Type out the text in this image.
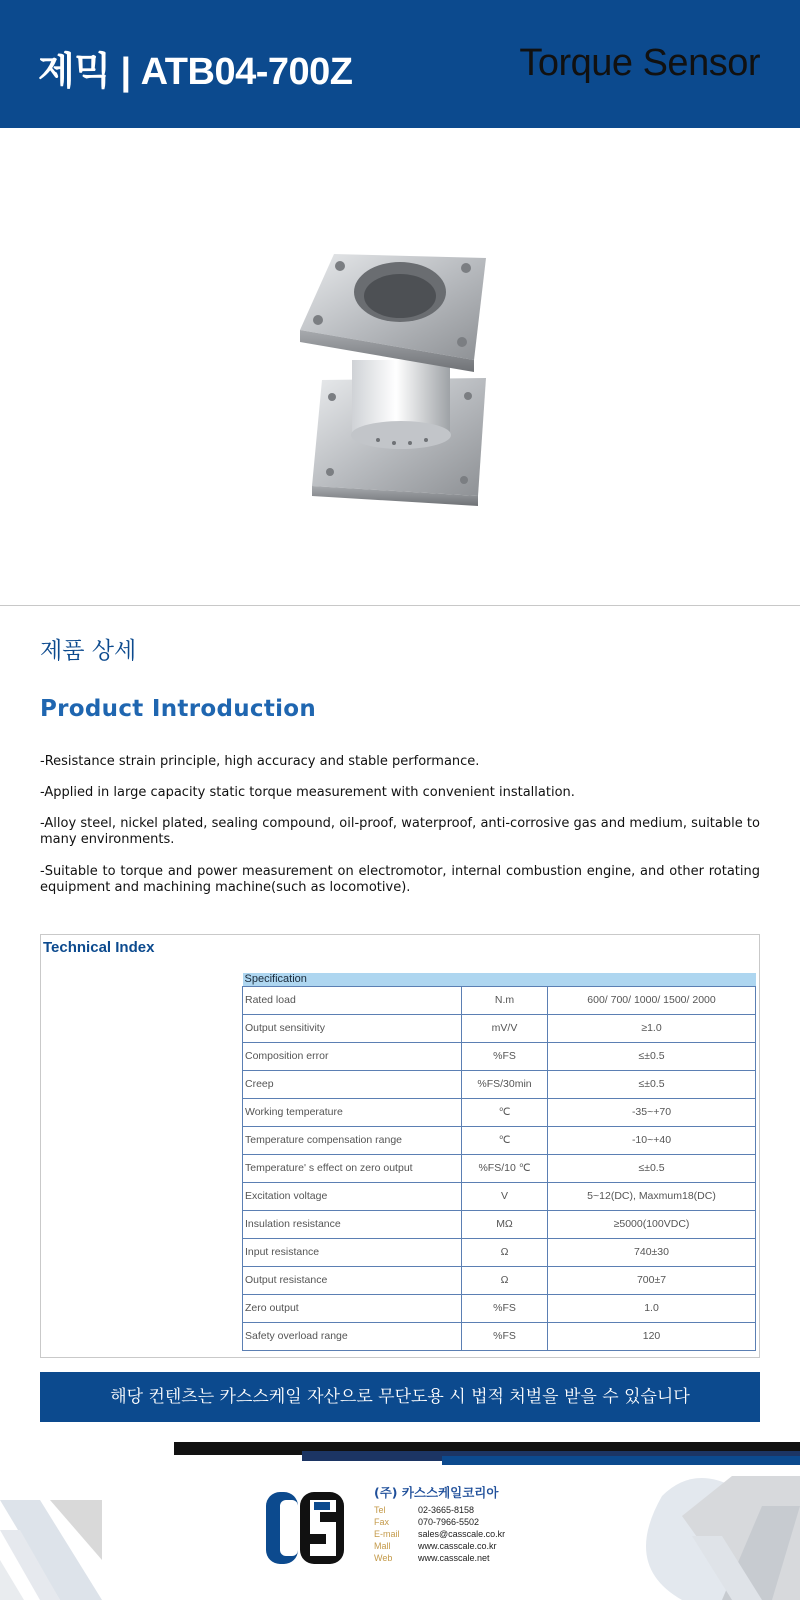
제믹 | ATB04-700Z	Torque Sensor
제품 상세
Product Introduction
-Resistance strain principle, high accuracy and stable performance.
-Applied in large capacity static torque measurement with convenient installation.
-Alloy steel, nickel plated, sealing compound, oil-proof, waterproof, anti-corrosive gas and medium, suitable to many environments.
-Suitable to torque and power measurement on electromotor, internal combustion engine, and other rotating equipment and machining machine(such as locomotive).
Technical Index
Specification		
Rated load	N.m	600/ 700/ 1000/ 1500/ 2000
Output sensitivity	mV/V	≥1.0
Composition error	%FS	≤±0.5
Creep	%FS/30min	≤±0.5
Working temperature	℃	-35~+70
Temperature compensation range	℃	-10~+40
Temperature' s effect on zero output	%FS/10 ℃	≤±0.5
Excitation voltage	V	5~12(DC), Maxmum18(DC)
Insulation resistance	MΩ	≥5000(100VDC)
Input resistance	Ω	740±30
Output resistance	Ω	700±7
Zero output	%FS	1.0
Safety overload range	%FS	120
해당 컨텐츠는 카스스케일 자산으로 무단도용 시 법적 처벌을 받을 수 있습니다
(주) 카스스케일코리아
Tel	02-3665-8158
Fax	070-7966-5502
E-mail	sales@casscale.co.kr
Mall	www.casscale.co.kr
Web	www.casscale.net
